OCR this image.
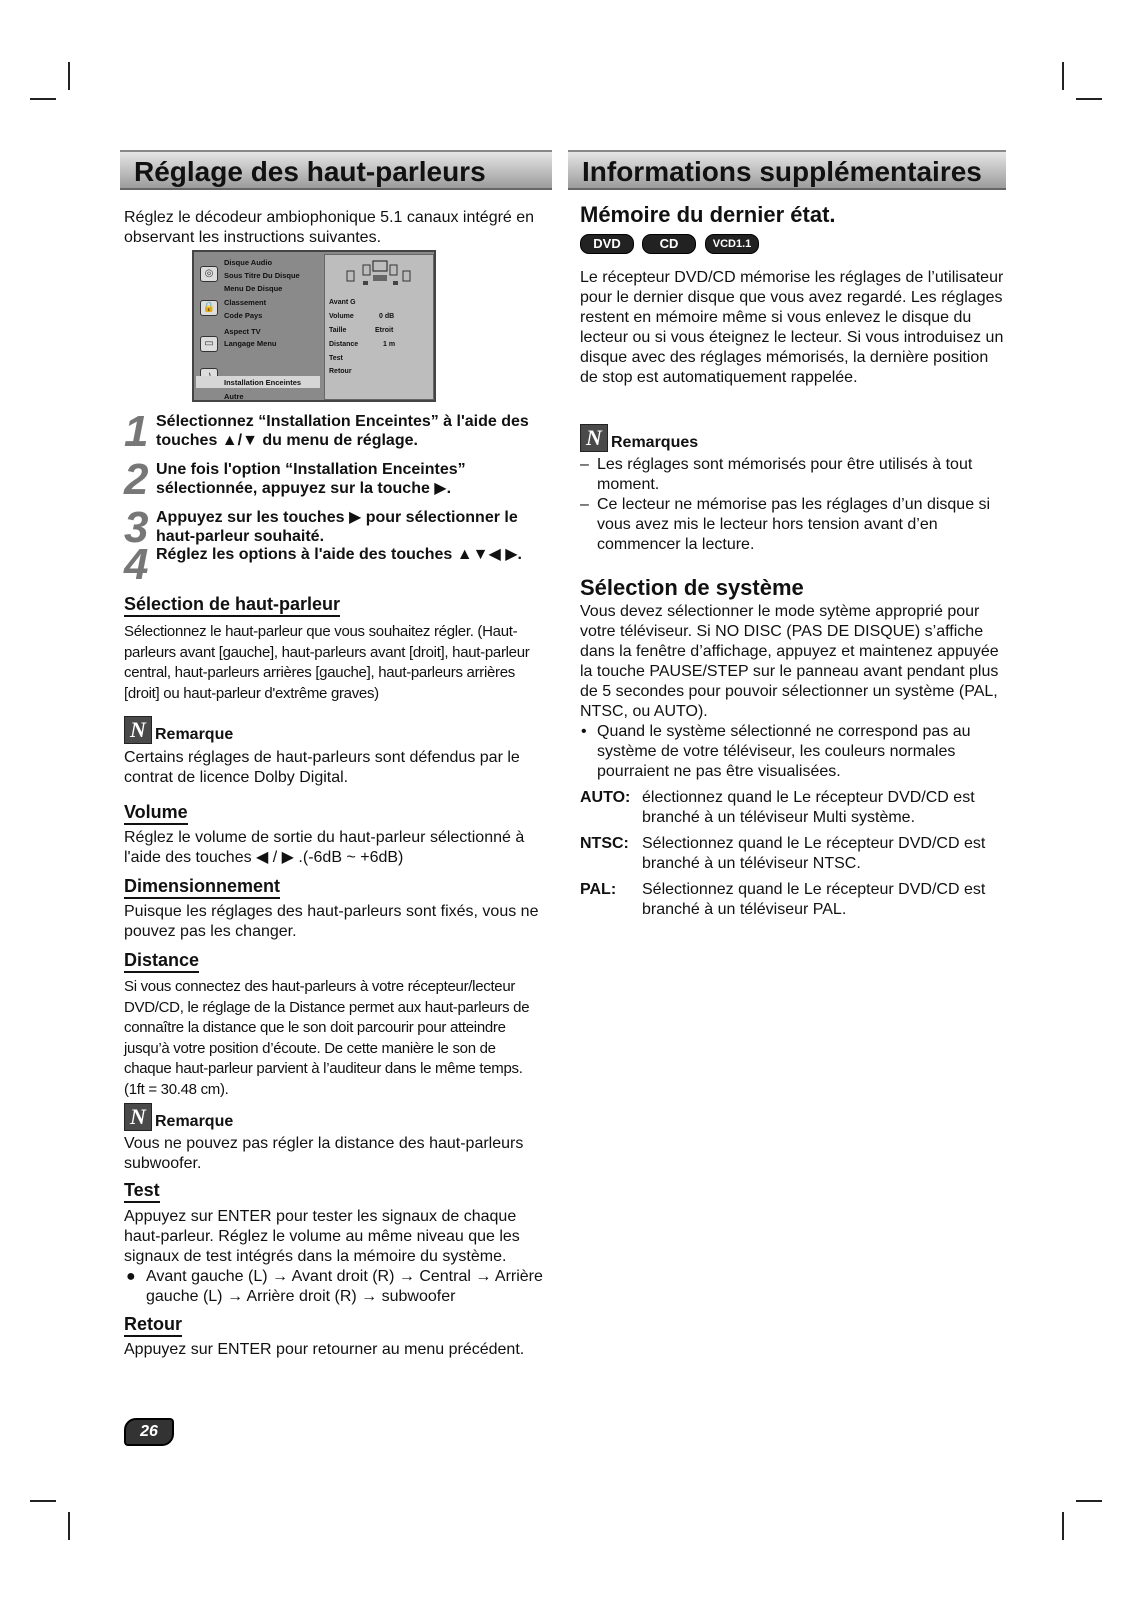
Réglage des haut-parleurs

Réglez le décodeur ambiophonique 5.1 canaux intégré en observant les instructions suivantes.

◎
🔒
▭
Disque Audio
Sous Titre Du Disque
Menu De Disque
Classement
Code Pays
Aspect TV
Langage Menu
Installation Enceintes
Autre
Avant G
Volume	0 dB
Taille	Etroit
Distance	1 m
Test
Retour
1 Sélectionnez “Installation Enceintes” à l'aide des touches ▲/▼ du menu de réglage.
2 Une fois l'option “Installation Enceintes” sélectionnée, appuyez sur la touche ▶.
3 Appuyez sur les touches ▶ pour sélectionner le haut-parleur souhaité.
4 Réglez les options à l'aide des touches ▲▼◀ ▶.
Sélection de haut-parleur

Sélectionnez le haut-parleur que vous souhaitez régler. (Haut-parleurs avant [gauche], haut-parleurs avant [droit], haut-parleur central, haut-parleurs arrières [gauche], haut-parleurs arrières [droit] ou haut-parleur d'extrême graves)

N Remarque

Certains réglages de haut-parleurs sont défendus par le contrat de licence Dolby Digital.

Volume

Réglez le volume de sortie du haut-parleur sélectionné à l'aide des touches ◀ / ▶ .(-6dB ~ +6dB)

Dimensionnement

Puisque les réglages des haut-parleurs sont fixés, vous ne pouvez pas les changer.

Distance

Si vous connectez des haut-parleurs à votre récepteur/lecteur DVD/CD, le réglage de la Distance permet aux haut-parleurs de connaître la distance que le son doit parcourir pour atteindre jusqu’à votre position d’écoute. De cette manière le son de chaque haut-parleur parvient à l’auditeur dans le même temps. (1ft = 30.48 cm).

N Remarque

Vous ne pouvez pas régler la distance des haut-parleurs subwoofer.

Test

Appuyez sur ENTER pour tester les signaux de chaque haut-parleur. Réglez le volume au même niveau que les signaux de test intégrés dans la mémoire du système.

● Avant gauche (L) → Avant droit (R) → Central → Arrière gauche (L) → Arrière droit (R) → subwoofer

Retour

Appuyez sur ENTER pour retourner au menu précédent.

26
Informations supplémentaires
Mémoire du dernier état.
DVD	CD	VCD1.1

Le récepteur DVD/CD mémorise les réglages de l’utilisateur pour le dernier disque que vous avez regardé. Les réglages restent en mémoire même si vous enlevez le disque du lecteur ou si vous éteignez le lecteur. Si vous introduisez un disque avec des réglages mémorisés, la dernière position de stop est automatiquement rappelée.

N Remarques
– Les réglages sont mémorisés pour être utilisés à tout moment.

– Ce lecteur ne mémorise pas les réglages d’un disque si vous avez mis le lecteur hors tension avant d’en commencer la lecture.

Sélection de système

Vous devez sélectionner le mode sytème approprié pour votre téléviseur. Si NO DISC (PAS DE DISQUE) s’affiche dans la fenêtre d’affichage, appuyez et maintenez appuyée la touche PAUSE/STEP sur le panneau avant pendant plus de 5 secondes pour pouvoir sélectionner un système (PAL, NTSC, ou AUTO).

• Quand le système sélectionné ne correspond pas au système de votre téléviseur, les couleurs normales pourraient ne pas être visualisées.

AUTO: électionnez quand le Le récepteur DVD/CD est branché à un téléviseur Multi système.
NTSC: Sélectionnez quand le Le récepteur DVD/CD est branché à un téléviseur NTSC.
PAL: Sélectionnez quand le Le récepteur DVD/CD est branché à un téléviseur PAL.
